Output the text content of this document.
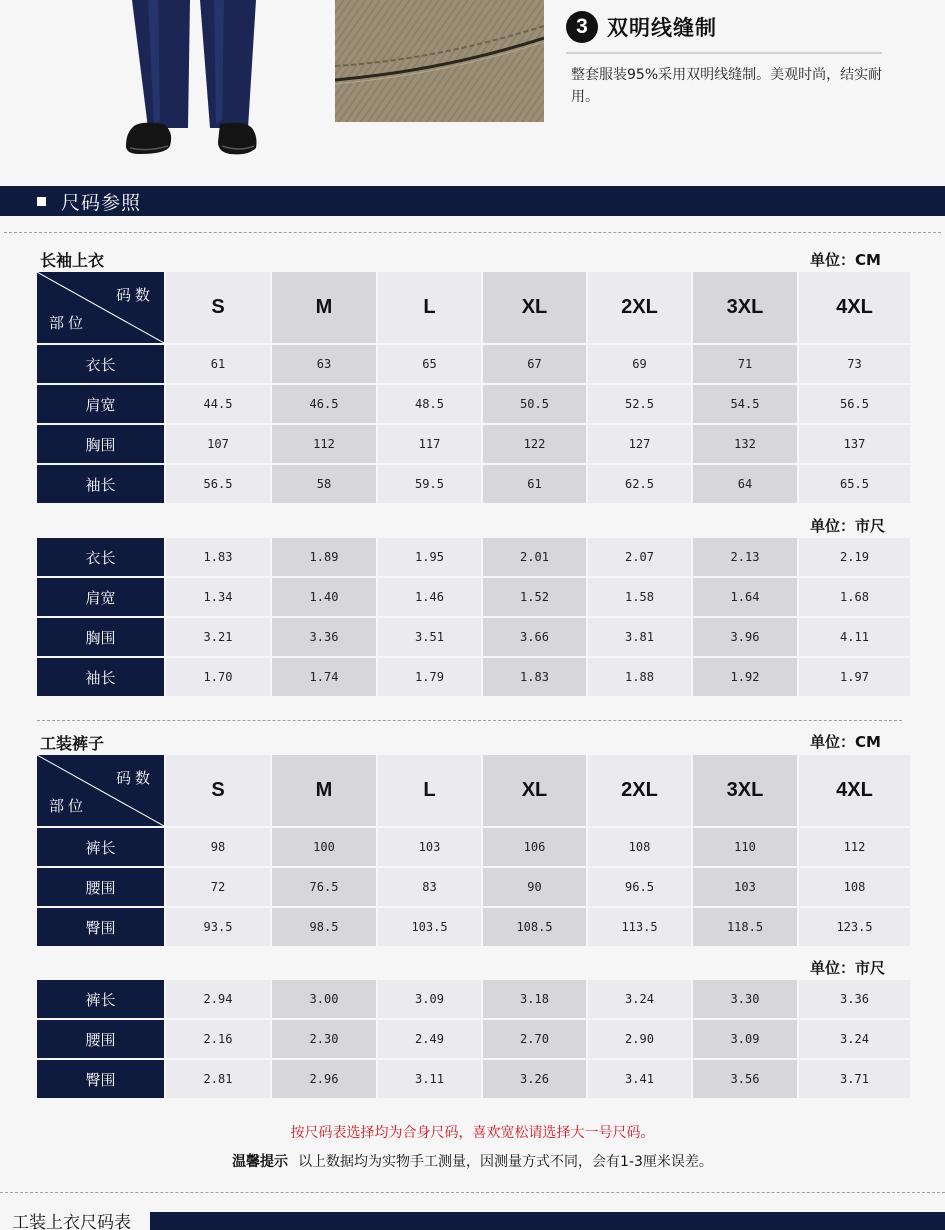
3 双明线缝制
整套服装95%采用双明线缝制。美观时尚，结实耐用。
尺码参照
长袖上衣	单位：CM
码数
部位
S	M	L	XL	2XL	3XL	4XL
衣长	61	63	65	67	69	71	73
肩宽	44.5	46.5	48.5	50.5	52.5	54.5	56.5
胸围	107	112	117	122	127	132	137
袖长	56.5	58	59.5	61	62.5	64	65.5
单位：市尺
衣长	1.83	1.89	1.95	2.01	2.07	2.13	2.19
肩宽	1.34	1.40	1.46	1.52	1.58	1.64	1.68
胸围	3.21	3.36	3.51	3.66	3.81	3.96	4.11
袖长	1.70	1.74	1.79	1.83	1.88	1.92	1.97
工装裤子	单位：CM
码数
部位
S	M	L	XL	2XL	3XL	4XL
裤长	98	100	103	106	108	110	112
腰围	72	76.5	83	90	96.5	103	108
臀围	93.5	98.5	103.5	108.5	113.5	118.5	123.5
单位：市尺
裤长	2.94	3.00	3.09	3.18	3.24	3.30	3.36
腰围	2.16	2.30	2.49	2.70	2.90	3.09	3.24
臀围	2.81	2.96	3.11	3.26	3.41	3.56	3.71
按尺码表选择均为合身尺码，喜欢宽松请选择大一号尺码。
温馨提示 以上数据均为实物手工测量，因测量方式不同，会有1-3厘米误差。
工装上衣尺码表
